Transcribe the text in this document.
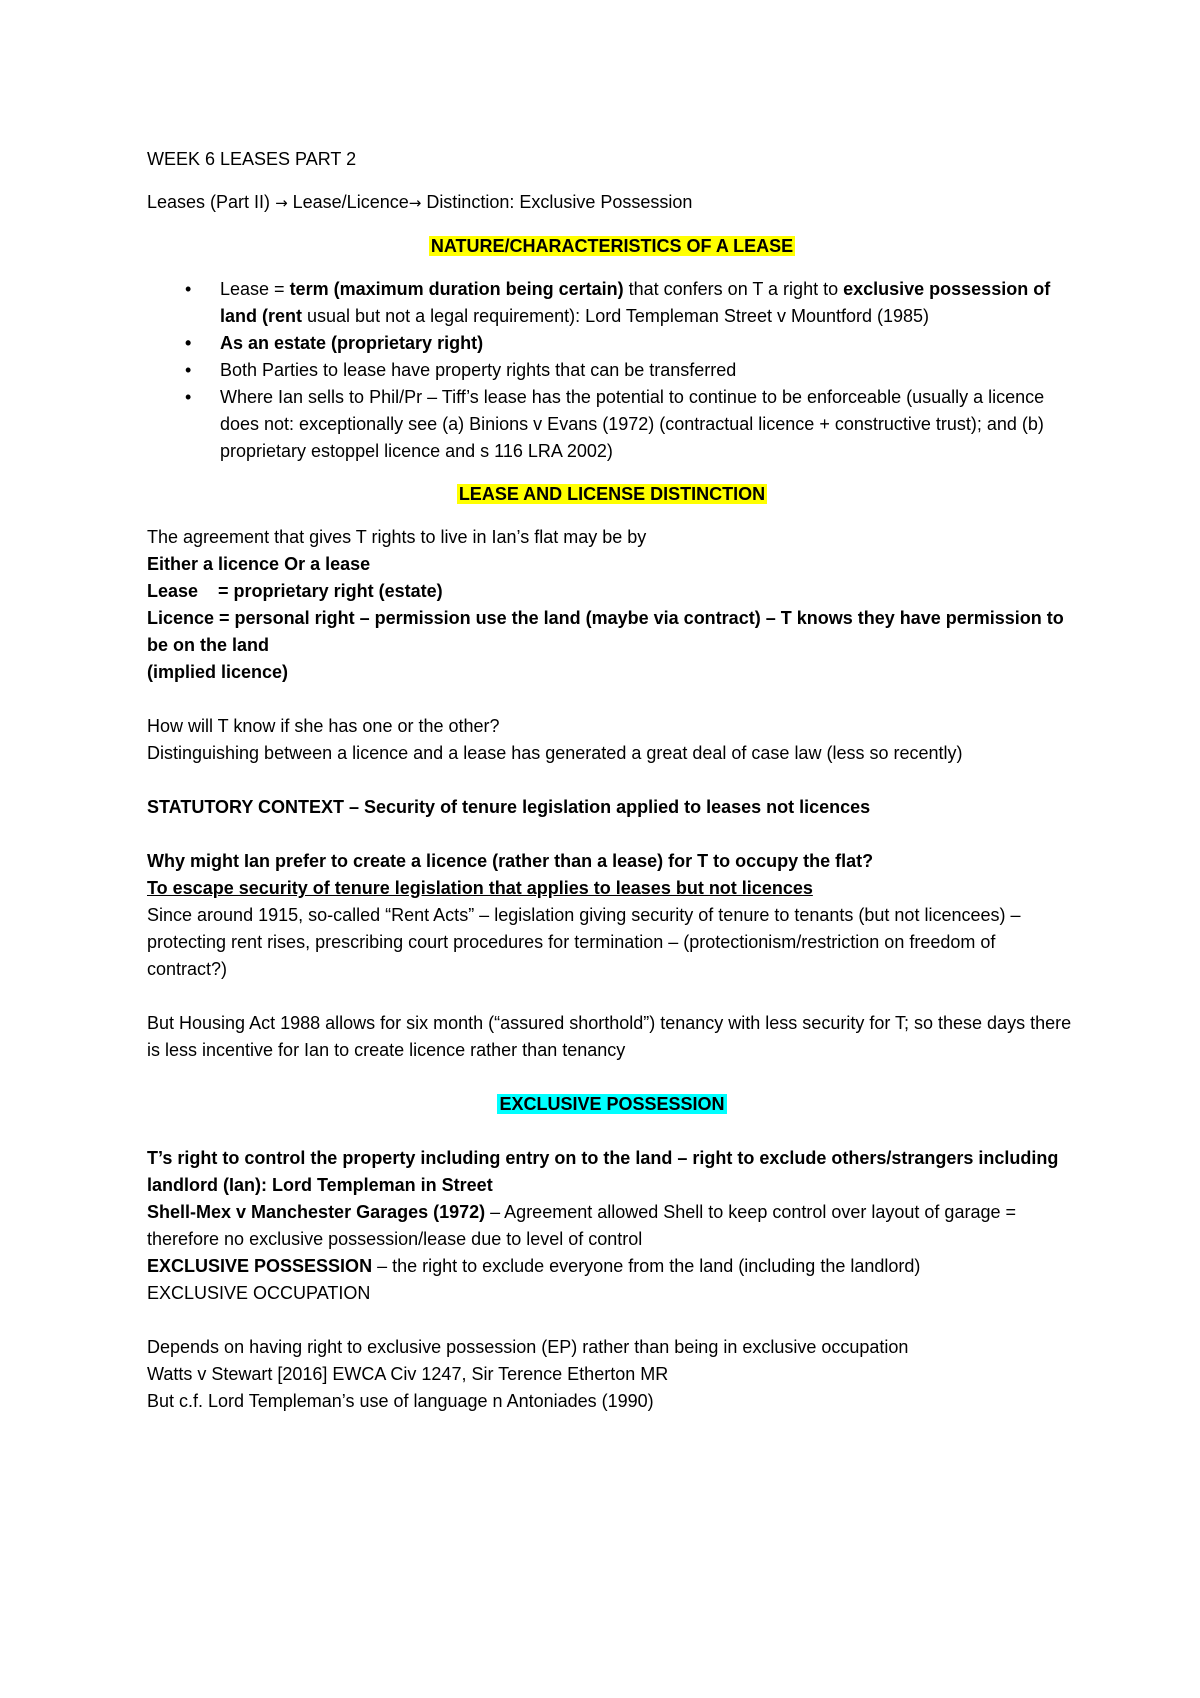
WEEK 6 LEASES PART 2

Leases (Part II) → Lease/Licence→ Distinction: Exclusive Possession

NATURE/CHARACTERISTICS OF A LEASE

• Lease = term (maximum duration being certain) that confers on T a right to exclusive possession of land (rent usual but not a legal requirement): Lord Templeman Street v Mountford (1985)
• As an estate (proprietary right)
• Both Parties to lease have property rights that can be transferred
• Where Ian sells to Phil/Pr – Tiff’s lease has the potential to continue to be enforceable (usually a licence does not: exceptionally see (a) Binions v Evans (1972) (contractual licence + constructive trust); and (b) proprietary estoppel licence and s 116 LRA 2002)

LEASE AND LICENSE DISTINCTION

The agreement that gives T rights to live in Ian’s flat may be by

Either a licence Or a lease

Lease    = proprietary right (estate)

Licence = personal right – permission use the land (maybe via contract) – T knows they have permission to be on the land

(implied licence)

How will T know if she has one or the other?

Distinguishing between a licence and a lease has generated a great deal of case law (less so recently)

STATUTORY CONTEXT – Security of tenure legislation applied to leases not licences

Why might Ian prefer to create a licence (rather than a lease) for T to occupy the flat?

To escape security of tenure legislation that applies to leases but not licences

Since around 1915, so-called “Rent Acts” – legislation giving security of tenure to tenants (but not licencees) – protecting rent rises, prescribing court procedures for termination – (protectionism/restriction on freedom of contract?)

But Housing Act 1988 allows for six month (“assured shorthold”) tenancy with less security for T; so these days there is less incentive for Ian to create licence rather than tenancy

EXCLUSIVE POSSESSION

T’s right to control the property including entry on to the land – right to exclude others/strangers including landlord (Ian): Lord Templeman in Street

Shell-Mex v Manchester Garages (1972) – Agreement allowed Shell to keep control over layout of garage = therefore no exclusive possession/lease due to level of control

EXCLUSIVE POSSESSION – the right to exclude everyone from the land (including the landlord)

EXCLUSIVE OCCUPATION

Depends on having right to exclusive possession (EP) rather than being in exclusive occupation

Watts v Stewart [2016] EWCA Civ 1247, Sir Terence Etherton MR

But c.f. Lord Templeman’s use of language n Antoniades (1990)
